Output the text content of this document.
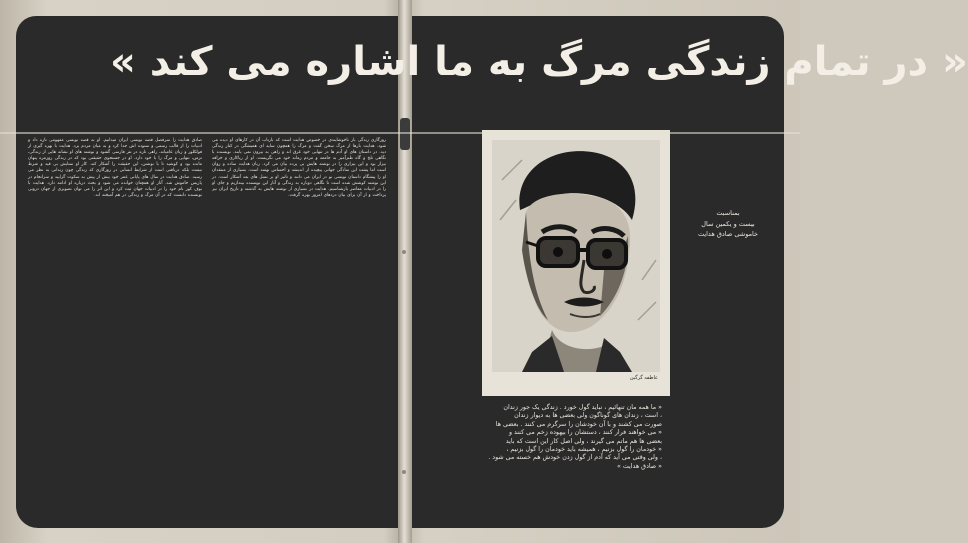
« در تمام زندگی مرگ به ما اشاره می کند »
صادق هدایت را سرفصل قصه نویسی ایران میدانیم. او به قصه نویسی مفهومی تازه داد و ادبیات را از قالب رسمی و ستوده اش جدا کرد و به میان مردم برد. هدایت با بهره گیری از فولکلور و زبان عامیانه، راهی تازه در نثر فارسی گشود و نوشته های او نشانه هایی از زندگی، ترس، تنهایی و مرگ را با خود دارد. او در جستجوی حقیقتی بود که در زندگی روزمره پنهان مانده بود و کوشید تا با نوشتن، این حقیقت را آشکار کند. کار او ستایش بی قید و شرط نیست بلکه دریافتی است از شرایط انسانی در روزگاری که زندگی چون زندانی به نظر می رسید. صادق هدایت در سال های پایانی عمر خود بیش از پیش به سکوت گرایید و سرانجام در پاریس خاموش شد. آثار او همچنان خوانده می شود و بحث درباره او ادامه دارد. هدایت با بوف کور نام خود را در ادبیات جهان ثبت کرد و این اثر را می توان تصویری از جهان درونی نویسنده دانست که در آن مرگ و زندگی در هم آمیخته اند.
روزگاری زندگی بار ناخوشایندی در خصوص هدایت است که بازتاب آن در کارهای او دیده می شود. هدایت بارها از مرگ سخن گفت و مرگ را همچون سایه ای همیشگی در کنار زندگی دید. در داستان های او آدم ها در تنهایی خود غرق اند و راهی به بیرون نمی یابند. نویسنده با نگاهی تلخ و گاه طنزآمیز به جامعه و مردم زمانه خود می نگریست. او از ریاکاری و خرافه بیزار بود و این بیزاری را در نوشته هایش بی پرده بیان می کرد. زبان هدایت ساده و روان است اما پشت این سادگی جهانی پیچیده از اندیشه و احساس نهفته است. بسیاری از منتقدان او را پیشگام داستان نویسی نو در ایران می دانند و تاثیر او بر نسل های بعد آشکار است. در این نوشته کوشش شده است تا نگاهی دوباره به زندگی و آثار این نویسنده بیندازیم و جای او را در ادبیات معاصر بازشناسیم. هدایت در بسیاری از نوشته هایش به گذشته و تاریخ ایران نیز پرداخت و از آن برای بیان دردهای امروز بهره گرفت.
عاطفه گرگین
بمناسبت
بیست و یکمین سال
خاموشی صادق هدایت
« ما همه مان تنهائیم ، نباید گول خورد . زندگی یک جور زندان
، است ، زندان های گوناگون ولی بعضی ها به دیوار زندان
صورت می کشند و با آن خودشان را سرگرم می کنند . بعضی ها
« می خواهند فرار کنند ، دستشان را بیهوده زخم می کنند و
بعضی ها هم ماتم می گیرند ، ولی اصل کار این است که باید
« خودمان را گول بزنیم ، همیشه باید خودمان را گول بزنیم ،
، ولی وقتی می آید که آدم از گول زدن خودش هم خسته می شود .
« صادق هدایت »
